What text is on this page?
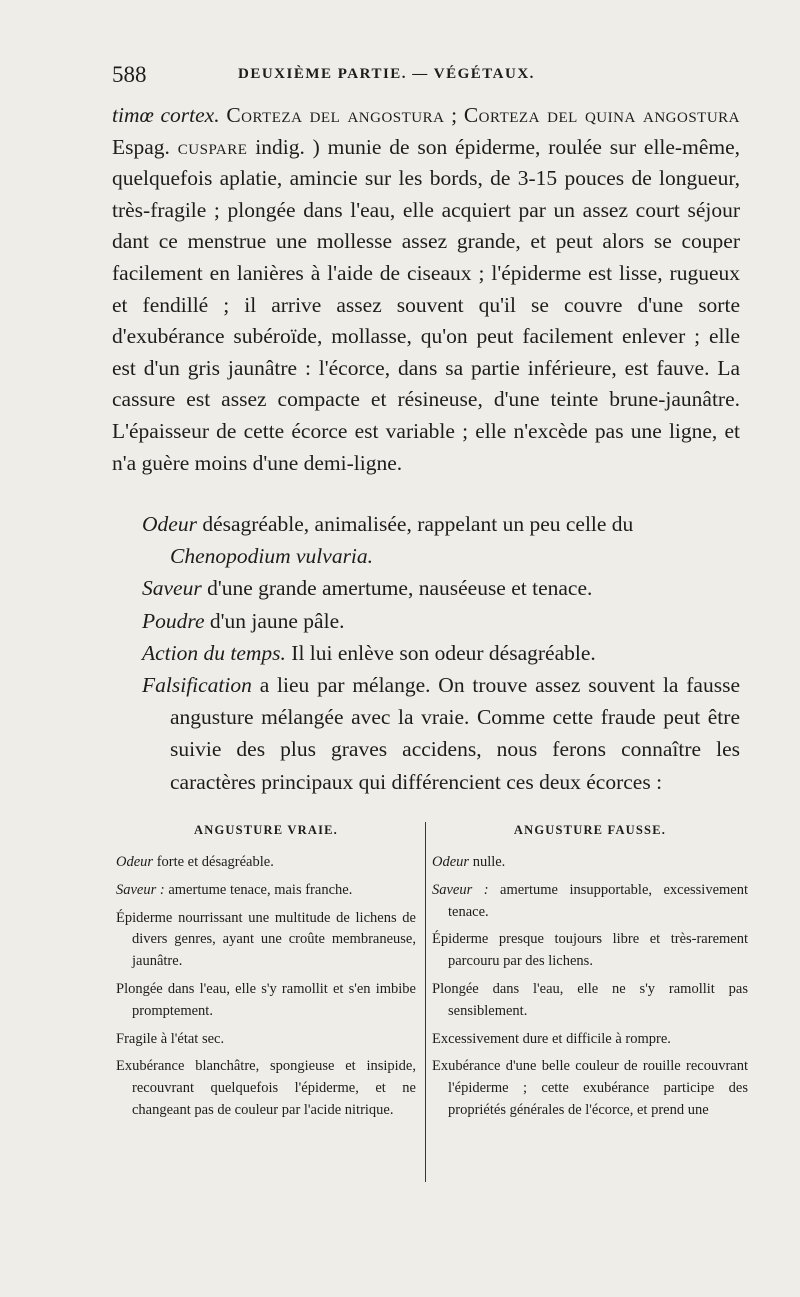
588	DEUXIÈME PARTIE. — VÉGÉTAUX.

timœ cortex. Corteza del angostura ; Corteza del quina angostura Espag. cuspare indig. ) munie de son épiderme, roulée sur elle-même, quelquefois aplatie, amincie sur les bords, de 3-15 pouces de longueur, très-fragile ; plongée dans l'eau, elle acquiert par un assez court séjour dant ce menstrue une mollesse assez grande, et peut alors se couper facilement en lanières à l'aide de ciseaux ; l'épiderme est lisse, rugueux et fendillé ; il arrive assez souvent qu'il se couvre d'une sorte d'exubérance subéroïde, mollasse, qu'on peut facilement enlever ; elle est d'un gris jaunâtre : l'écorce, dans sa partie inférieure, est fauve. La cassure est assez compacte et résineuse, d'une teinte brune-jaunâtre. L'épaisseur de cette écorce est variable ; elle n'excède pas une ligne, et n'a guère moins d'une demi-ligne.

Odeur désagréable, animalisée, rappelant un peu celle du

Chenopodium vulvaria.

Saveur d'une grande amertume, nauséeuse et tenace.

Poudre d'un jaune pâle.

Action du temps. Il lui enlève son odeur désagréable.

Falsification a lieu par mélange. On trouve assez souvent la fausse angusture mélangée avec la vraie. Comme cette fraude peut être suivie des plus graves accidens, nous ferons connaître les caractères principaux qui différencient ces deux écorces :

ANGUSTURE VRAIE.

Odeur forte et désagréable.

Saveur : amertume tenace, mais franche.

Épiderme nourrissant une multitude de lichens de divers genres, ayant une croûte membraneuse, jaunâtre.

Plongée dans l'eau, elle s'y ramollit et s'en imbibe promptement.

Fragile à l'état sec.

Exubérance blanchâtre, spongieuse et insipide, recouvrant quelquefois l'épiderme, et ne changeant pas de couleur par l'acide nitrique.

ANGUSTURE FAUSSE.

Odeur nulle.

Saveur : amertume insupportable, excessivement tenace.

Épiderme presque toujours libre et très-rarement parcouru par des lichens.

Plongée dans l'eau, elle ne s'y ramollit pas sensiblement.

Excessivement dure et difficile à rompre.

Exubérance d'une belle couleur de rouille recouvrant l'épiderme ; cette exubérance participe des propriétés générales de l'écorce, et prend une
